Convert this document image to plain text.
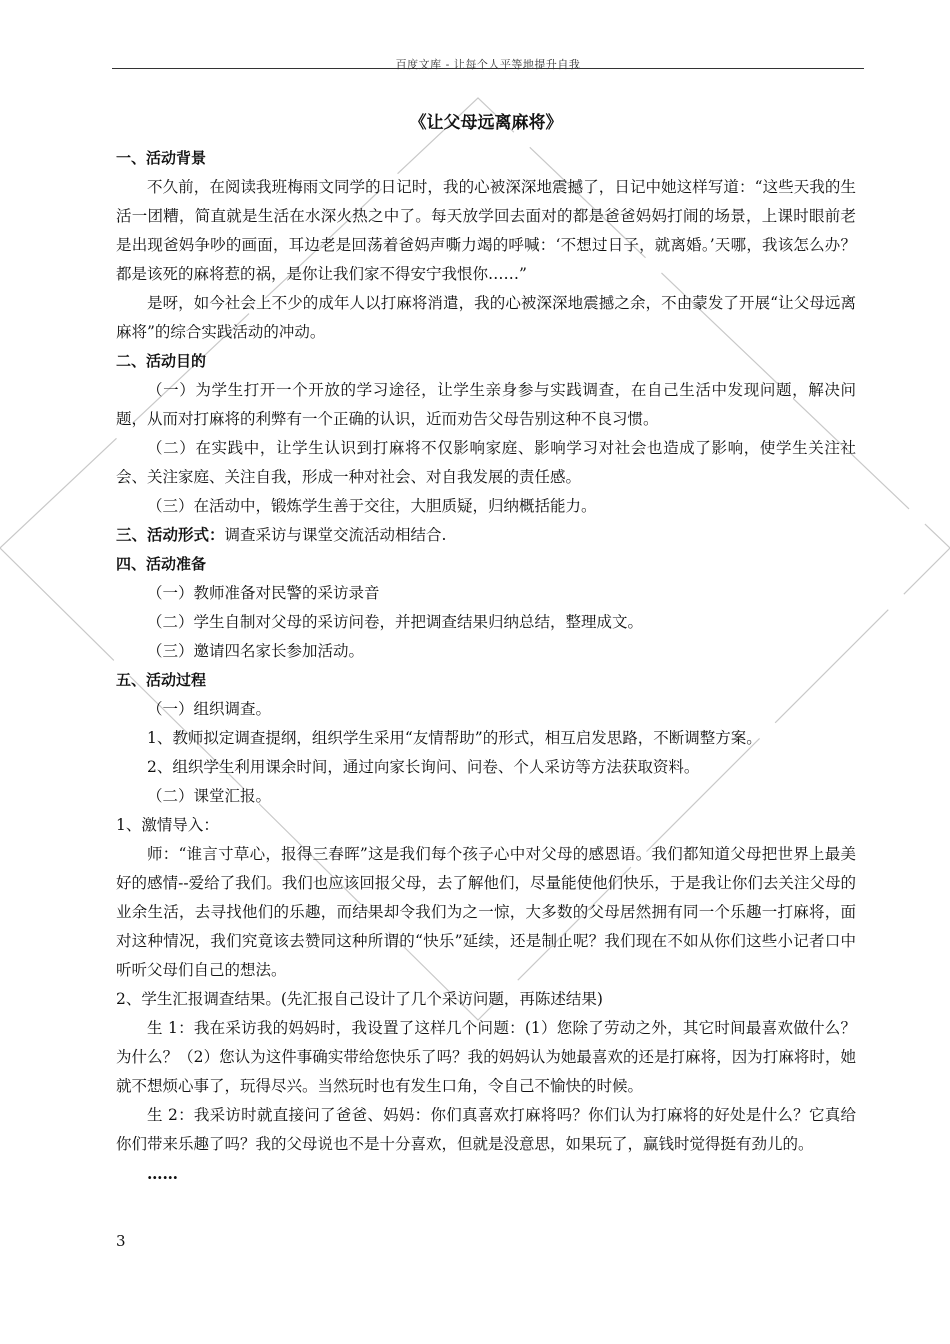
百度文库 - 让每个人平等地提升自我
《让父母远离麻将》
一、活动背景

不久前，在阅读我班梅雨文同学的日记时，我的心被深深地震撼了，日记中她这样写道：“这些天我的生活一团糟，简直就是生活在水深火热之中了。每天放学回去面对的都是爸爸妈妈打闹的场景，上课时眼前老是出现爸妈争吵的画面，耳边老是回荡着爸妈声嘶力竭的呼喊：‘不想过日子，就离婚。’天哪，我该怎么办？都是该死的麻将惹的祸，是你让我们家不得安宁我恨你……”

是呀，如今社会上不少的成年人以打麻将消遣，我的心被深深地震撼之余，不由蒙发了开展“让父母远离麻将”的综合实践活动的冲动。

二、活动目的

（一）为学生打开一个开放的学习途径，让学生亲身参与实践调查，在自己生活中发现问题，解决问题，从而对打麻将的利弊有一个正确的认识，近而劝告父母告别这种不良习惯。

（二）在实践中，让学生认识到打麻将不仅影响家庭、影响学习对社会也造成了影响，使学生关注社会、关注家庭、关注自我，形成一种对社会、对自我发展的责任感。

（三）在活动中，锻炼学生善于交往，大胆质疑，归纳概括能力。

三、活动形式：调查采访与课堂交流活动相结合.

四、活动准备

（一）教师准备对民警的采访录音

（二）学生自制对父母的采访问卷，并把调查结果归纳总结，整理成文。

（三）邀请四名家长参加活动。

五、活动过程

（一）组织调查。

1、教师拟定调查提纲，组织学生采用“友情帮助”的形式，相互启发思路，不断调整方案。

2、组织学生利用课余时间，通过向家长询问、问卷、个人采访等方法获取资料。

（二）课堂汇报。

1、激情导入：

师：“谁言寸草心，报得三春晖”这是我们每个孩子心中对父母的感恩语。我们都知道父母把世界上最美好的感情--爱给了我们。我们也应该回报父母，去了解他们，尽量能使他们快乐，于是我让你们去关注父母的业余生活，去寻找他们的乐趣，而结果却令我们为之一惊，大多数的父母居然拥有同一个乐趣一打麻将，面对这种情况，我们究竟该去赞同这种所谓的“快乐”延续，还是制止呢？我们现在不如从你们这些小记者口中听听父母们自己的想法。

2、学生汇报调查结果。(先汇报自己设计了几个采访问题，再陈述结果)

生 1：我在采访我的妈妈时，我设置了这样几个问题：(1）您除了劳动之外，其它时间最喜欢做什么？为什么？（2）您认为这件事确实带给您快乐了吗？我的妈妈认为她最喜欢的还是打麻将，因为打麻将时，她就不想烦心事了，玩得尽兴。当然玩时也有发生口角，令自己不愉快的时候。

生 2：我采访时就直接问了爸爸、妈妈：你们真喜欢打麻将吗？你们认为打麻将的好处是什么？它真给你们带来乐趣了吗？我的父母说也不是十分喜欢，但就是没意思，如果玩了，赢钱时觉得挺有劲儿的。

……

3
